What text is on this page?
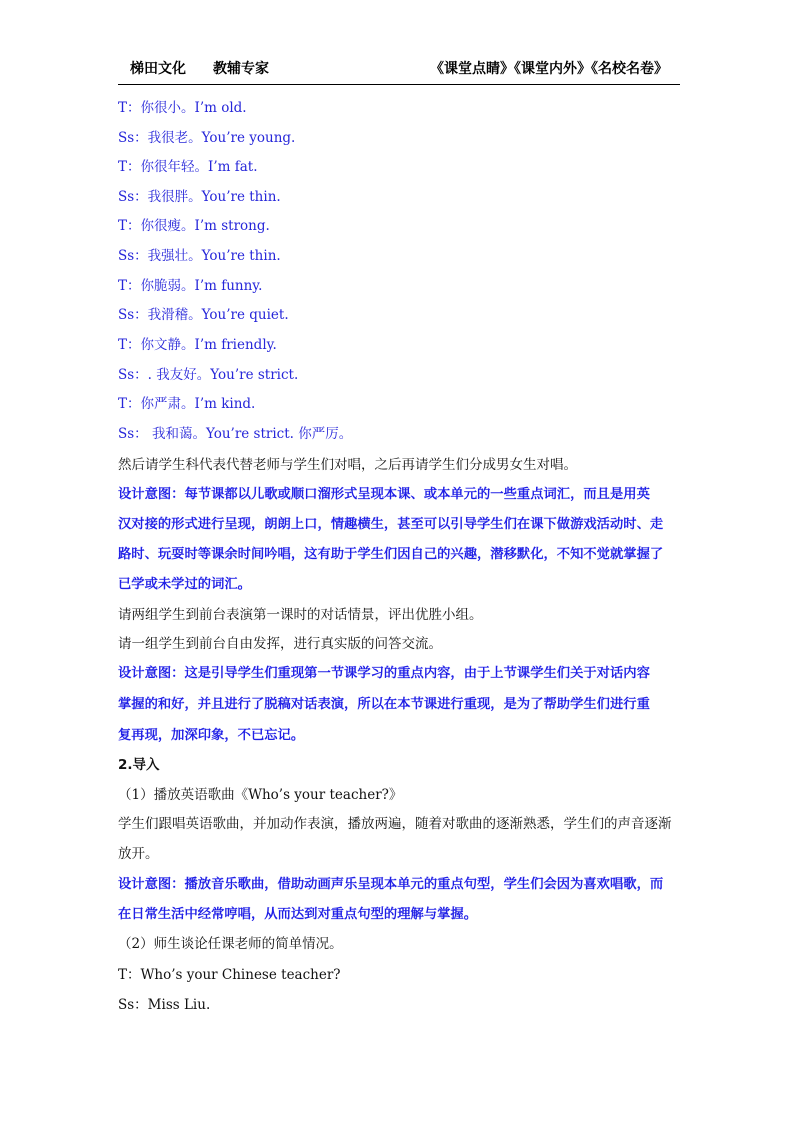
梯田文化 教辅专家	《课堂点睛》《课堂内外》《名校名卷》
T：你很小。I’m old.
Ss：我很老。You’re young.
T：你很年轻。I’m fat.
Ss：我很胖。You’re thin.
T：你很瘦。I’m strong.
Ss：我强壮。You’re thin.
T：你脆弱。I’m funny.
Ss：我滑稽。You’re quiet.
T：你文静。I’m friendly.
Ss：. 我友好。You’re strict.
T：你严肃。I’m kind.
Ss： 我和蔼。You’re strict. 你严厉。
然后请学生科代表代替老师与学生们对唱，之后再请学生们分成男女生对唱。
设计意图：每节课都以儿歌或顺口溜形式呈现本课、或本单元的一些重点词汇，而且是用英
汉对接的形式进行呈现，朗朗上口，情趣横生，甚至可以引导学生们在课下做游戏活动时、走
路时、玩耍时等课余时间吟唱，这有助于学生们因自己的兴趣，潜移默化，不知不觉就掌握了
已学或未学过的词汇。
请两组学生到前台表演第一课时的对话情景，评出优胜小组。
请一组学生到前台自由发挥，进行真实版的问答交流。
设计意图：这是引导学生们重现第一节课学习的重点内容，由于上节课学生们关于对话内容
掌握的和好，并且进行了脱稿对话表演，所以在本节课进行重现，是为了帮助学生们进行重
复再现，加深印象，不已忘记。
2.导入
（1）播放英语歌曲《Who’s your teacher?》
学生们跟唱英语歌曲，并加动作表演，播放两遍，随着对歌曲的逐渐熟悉，学生们的声音逐渐
放开。
设计意图：播放音乐歌曲，借助动画声乐呈现本单元的重点句型，学生们会因为喜欢唱歌，而
在日常生活中经常哼唱，从而达到对重点句型的理解与掌握。
（2）师生谈论任课老师的简单情况。
T：Who’s your Chinese teacher?
Ss：Miss Liu.
